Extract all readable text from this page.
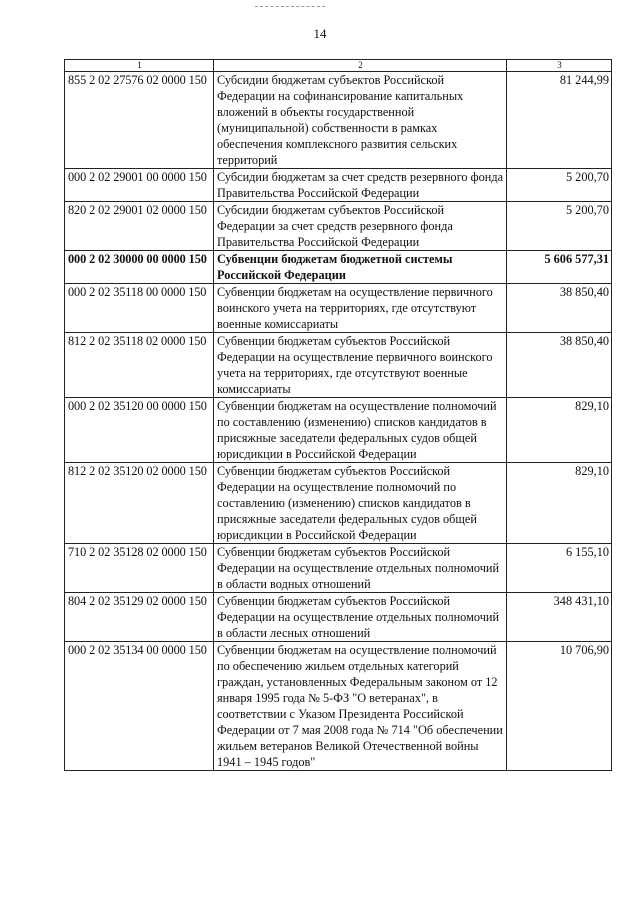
14
1	2	3
855 2 02 27576 02 0000 150	Субсидии бюджетам субъектов Российской Федерации на софинансирование капитальных вложений в объекты государственной (муниципальной) собственности в рамках обеспечения комплексного развития сельских территорий	81 244,99
000 2 02 29001 00 0000 150	Субсидии бюджетам за счет средств резервного фонда Правительства Российской Федерации	5 200,70
820 2 02 29001 02 0000 150	Субсидии бюджетам субъектов Российской Федерации за счет средств резервного фонда Правительства Российской Федерации	5 200,70
000 2 02 30000 00 0000 150	Субвенции бюджетам бюджетной системы Российской Федерации	5 606 577,31
000 2 02 35118 00 0000 150	Субвенции бюджетам на осуществление первичного воинского учета на территориях, где отсутствуют военные комиссариаты	38 850,40
812 2 02 35118 02 0000 150	Субвенции бюджетам субъектов Российской Федерации на осуществление первичного воинского учета на территориях, где отсутствуют военные комиссариаты	38 850,40
000 2 02 35120 00 0000 150	Субвенции бюджетам на осуществление полномочий по составлению (изменению) списков кандидатов в присяжные заседатели федеральных судов общей юрисдикции в Российской Федерации	829,10
812 2 02 35120 02 0000 150	Субвенции бюджетам субъектов Российской Федерации на осуществление полномочий по составлению (изменению) списков кандидатов в присяжные заседатели федеральных судов общей юрисдикции в Российской Федерации	829,10
710 2 02 35128 02 0000 150	Субвенции бюджетам субъектов Российской Федерации на осуществление отдельных полномочий в области водных отношений	6 155,10
804 2 02 35129 02 0000 150	Субвенции бюджетам субъектов Российской Федерации на осуществление отдельных полномочий в области лесных отношений	348 431,10
000 2 02 35134 00 0000 150	Субвенции бюджетам на осуществление полномочий по обеспечению жильем отдельных категорий граждан, установленных Федеральным законом от 12 января 1995 года № 5-ФЗ "О ветеранах", в соответствии с Указом Президента Российской Федерации от 7 мая 2008 года № 714 "Об обеспечении жильем ветеранов Великой Отечественной войны 1941 – 1945 годов"	10 706,90
